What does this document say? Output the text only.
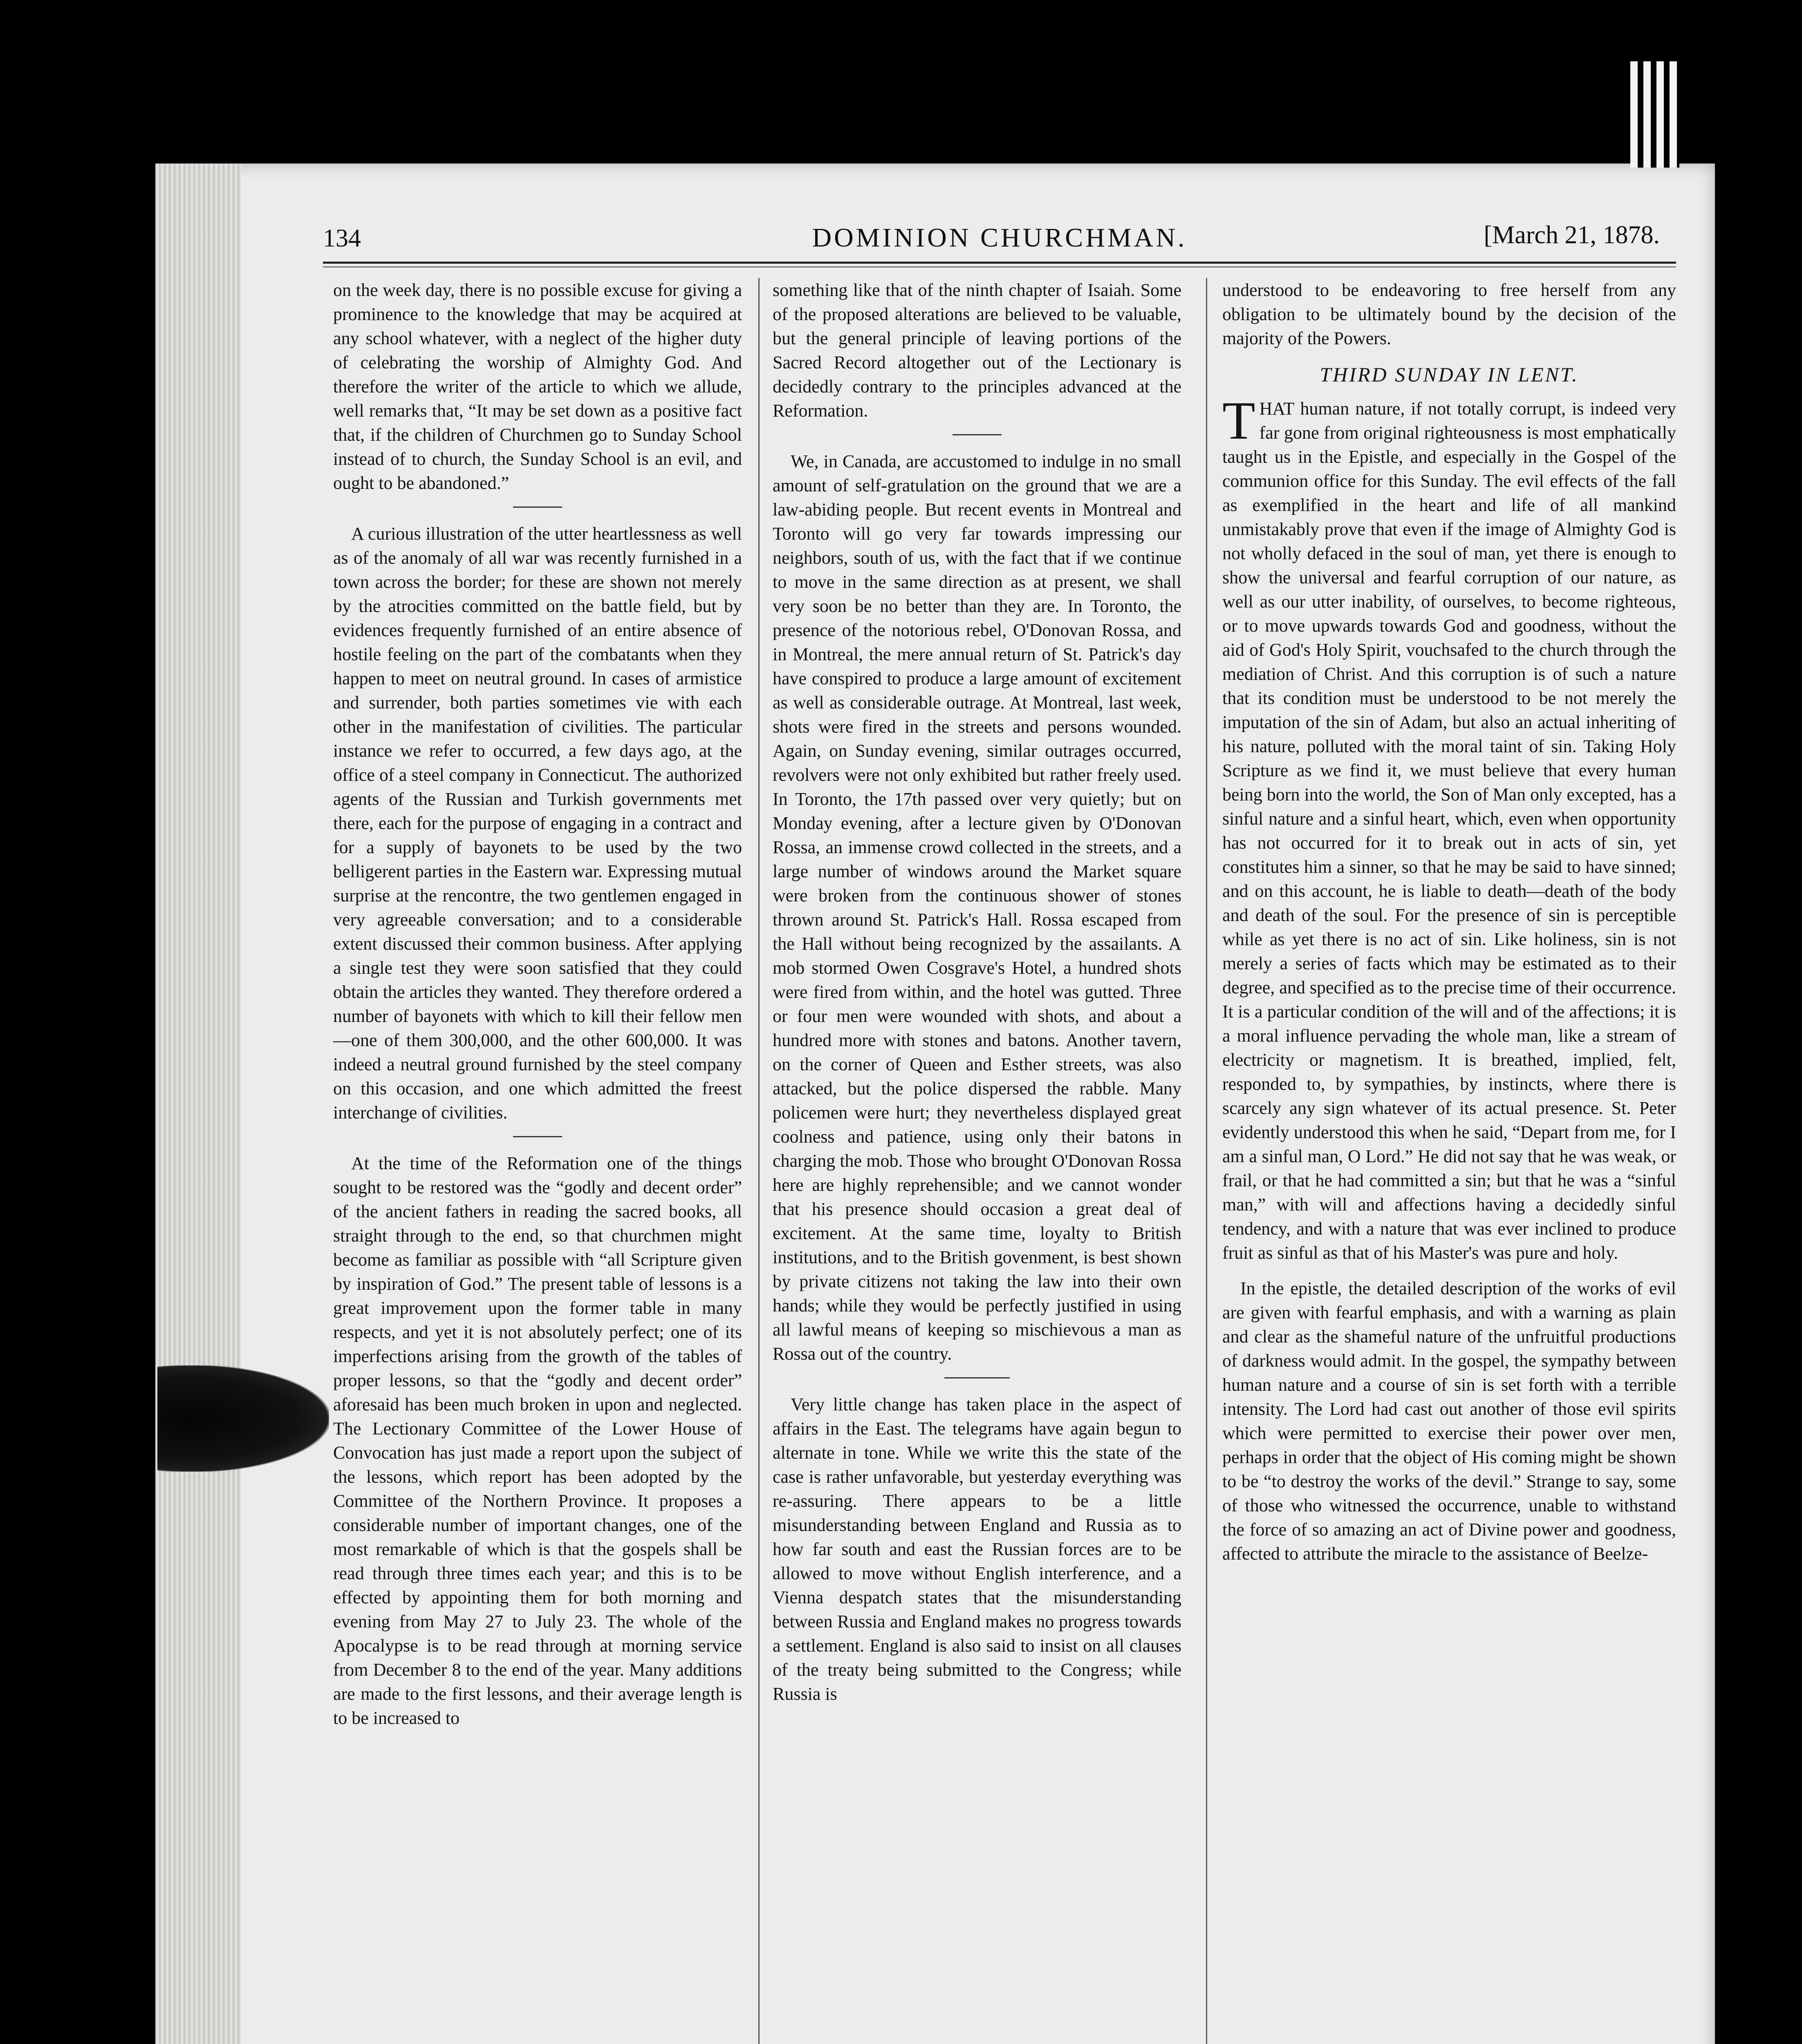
134	DOMINION CHURCHMAN.	[March 21, 1878.

on the week day, there is no possible excuse for giving a prominence to the knowledge that may be acquired at any school whatever, with a neglect of the higher duty of celebrating the worship of Almighty God. And therefore the writer of the article to which we allude, well remarks that, “It may be set down as a positive fact that, if the children of Churchmen go to Sunday School instead of to church, the Sunday School is an evil, and ought to be abandoned.”

A curious illustration of the utter heartlessness as well as of the anomaly of all war was recently furnished in a town across the border; for these are shown not merely by the atrocities committed on the battle field, but by evidences frequently furnished of an entire absence of hostile feeling on the part of the combatants when they happen to meet on neutral ground. In cases of armistice and surrender, both parties sometimes vie with each other in the manifestation of civilities. The particular instance we refer to occurred, a few days ago, at the office of a steel company in Connecticut. The authorized agents of the Russian and Turkish governments met there, each for the purpose of engaging in a contract and for a supply of bayonets to be used by the two belligerent parties in the Eastern war. Expressing mutual surprise at the rencontre, the two gentlemen engaged in very agreeable conversation; and to a considerable extent discussed their common business. After applying a single test they were soon satisfied that they could obtain the articles they wanted. They therefore ordered a number of bayonets with which to kill their fellow men—one of them 300,000, and the other 600,000. It was indeed a neutral ground furnished by the steel company on this occasion, and one which admitted the freest interchange of civilities.

At the time of the Reformation one of the things sought to be restored was the “godly and decent order” of the ancient fathers in reading the sacred books, all straight through to the end, so that churchmen might become as familiar as possible with “all Scripture given by inspiration of God.” The present table of lessons is a great improvement upon the former table in many respects, and yet it is not absolutely perfect; one of its imperfections arising from the growth of the tables of proper lessons, so that the “godly and decent order” aforesaid has been much broken in upon and neglected. The Lectionary Committee of the Lower House of Convocation has just made a report upon the subject of the lessons, which report has been adopted by the Committee of the Northern Province. It proposes a considerable number of important changes, one of the most remarkable of which is that the gospels shall be read through three times each year; and this is to be effected by appointing them for both morning and evening from May 27 to July 23. The whole of the Apocalypse is to be read through at morning service from December 8 to the end of the year. Many additions are made to the first lessons, and their average length is to be increased to

something like that of the ninth chapter of Isaiah. Some of the proposed alterations are believed to be valuable, but the general principle of leaving portions of the Sacred Record altogether out of the Lectionary is decidedly contrary to the principles advanced at the Reformation.

We, in Canada, are accustomed to indulge in no small amount of self-gratulation on the ground that we are a law-abiding people. But recent events in Montreal and Toronto will go very far towards impressing our neighbors, south of us, with the fact that if we continue to move in the same direction as at present, we shall very soon be no better than they are. In Toronto, the presence of the notorious rebel, O'Donovan Rossa, and in Montreal, the mere annual return of St. Patrick's day have conspired to produce a large amount of excitement as well as considerable outrage. At Montreal, last week, shots were fired in the streets and persons wounded. Again, on Sunday evening, similar outrages occurred, revolvers were not only exhibited but rather freely used. In Toronto, the 17th passed over very quietly; but on Monday evening, after a lecture given by O'Donovan Rossa, an immense crowd collected in the streets, and a large number of windows around the Market square were broken from the continuous shower of stones thrown around St. Patrick's Hall. Rossa escaped from the Hall without being recognized by the assailants. A mob stormed Owen Cosgrave's Hotel, a hundred shots were fired from within, and the hotel was gutted. Three or four men were wounded with shots, and about a hundred more with stones and batons. Another tavern, on the corner of Queen and Esther streets, was also attacked, but the police dispersed the rabble. Many policemen were hurt; they nevertheless displayed great coolness and patience, using only their batons in charging the mob. Those who brought O'Donovan Rossa here are highly reprehensible; and we cannot wonder that his presence should occasion a great deal of excitement. At the same time, loyalty to British institutions, and to the British govenment, is best shown by private citizens not taking the law into their own hands; while they would be perfectly justified in using all lawful means of keeping so mischievous a man as Rossa out of the country.

Very little change has taken place in the aspect of affairs in the East. The telegrams have again begun to alternate in tone. While we write this the state of the case is rather unfavorable, but yesterday everything was re-assuring. There appears to be a little misunderstanding between England and Russia as to how far south and east the Russian forces are to be allowed to move without English interference, and a Vienna despatch states that the misunderstanding between Russia and England makes no progress towards a settlement. England is also said to insist on all clauses of the treaty being submitted to the Congress; while Russia is

understood to be endeavoring to free herself from any obligation to be ultimately bound by the decision of the majority of the Powers.

THIRD SUNDAY IN LENT.

THAT human nature, if not totally corrupt, is indeed very far gone from original righteousness is most emphatically taught us in the Epistle, and especially in the Gospel of the communion office for this Sunday. The evil effects of the fall as exemplified in the heart and life of all mankind unmistakably prove that even if the image of Almighty God is not wholly defaced in the soul of man, yet there is enough to show the universal and fearful corruption of our nature, as well as our utter inability, of ourselves, to become righteous, or to move upwards towards God and goodness, without the aid of God's Holy Spirit, vouchsafed to the church through the mediation of Christ. And this corruption is of such a nature that its condition must be understood to be not merely the imputation of the sin of Adam, but also an actual inheriting of his nature, polluted with the moral taint of sin. Taking Holy Scripture as we find it, we must believe that every human being born into the world, the Son of Man only excepted, has a sinful nature and a sinful heart, which, even when opportunity has not occurred for it to break out in acts of sin, yet constitutes him a sinner, so that he may be said to have sinned; and on this account, he is liable to death—death of the body and death of the soul. For the presence of sin is perceptible while as yet there is no act of sin. Like holiness, sin is not merely a series of facts which may be estimated as to their degree, and specified as to the precise time of their occurrence. It is a particular condition of the will and of the affections; it is a moral influence pervading the whole man, like a stream of electricity or magnetism. It is breathed, implied, felt, responded to, by sympathies, by instincts, where there is scarcely any sign whatever of its actual presence. St. Peter evidently understood this when he said, “Depart from me, for I am a sinful man, O Lord.” He did not say that he was weak, or frail, or that he had committed a sin; but that he was a “sinful man,” with will and affections having a decidedly sinful tendency, and with a nature that was ever inclined to produce fruit as sinful as that of his Master's was pure and holy.

In the epistle, the detailed description of the works of evil are given with fearful emphasis, and with a warning as plain and clear as the shameful nature of the unfruitful productions of darkness would admit. In the gospel, the sympathy between human nature and a course of sin is set forth with a terrible intensity. The Lord had cast out another of those evil spirits which were permitted to exercise their power over men, perhaps in order that the object of His coming might be shown to be “to destroy the works of the devil.” Strange to say, some of those who witnessed the occurrence, unable to withstand the force of so amazing an act of Divine power and goodness, affected to attribute the miracle to the assistance of Beelze-
